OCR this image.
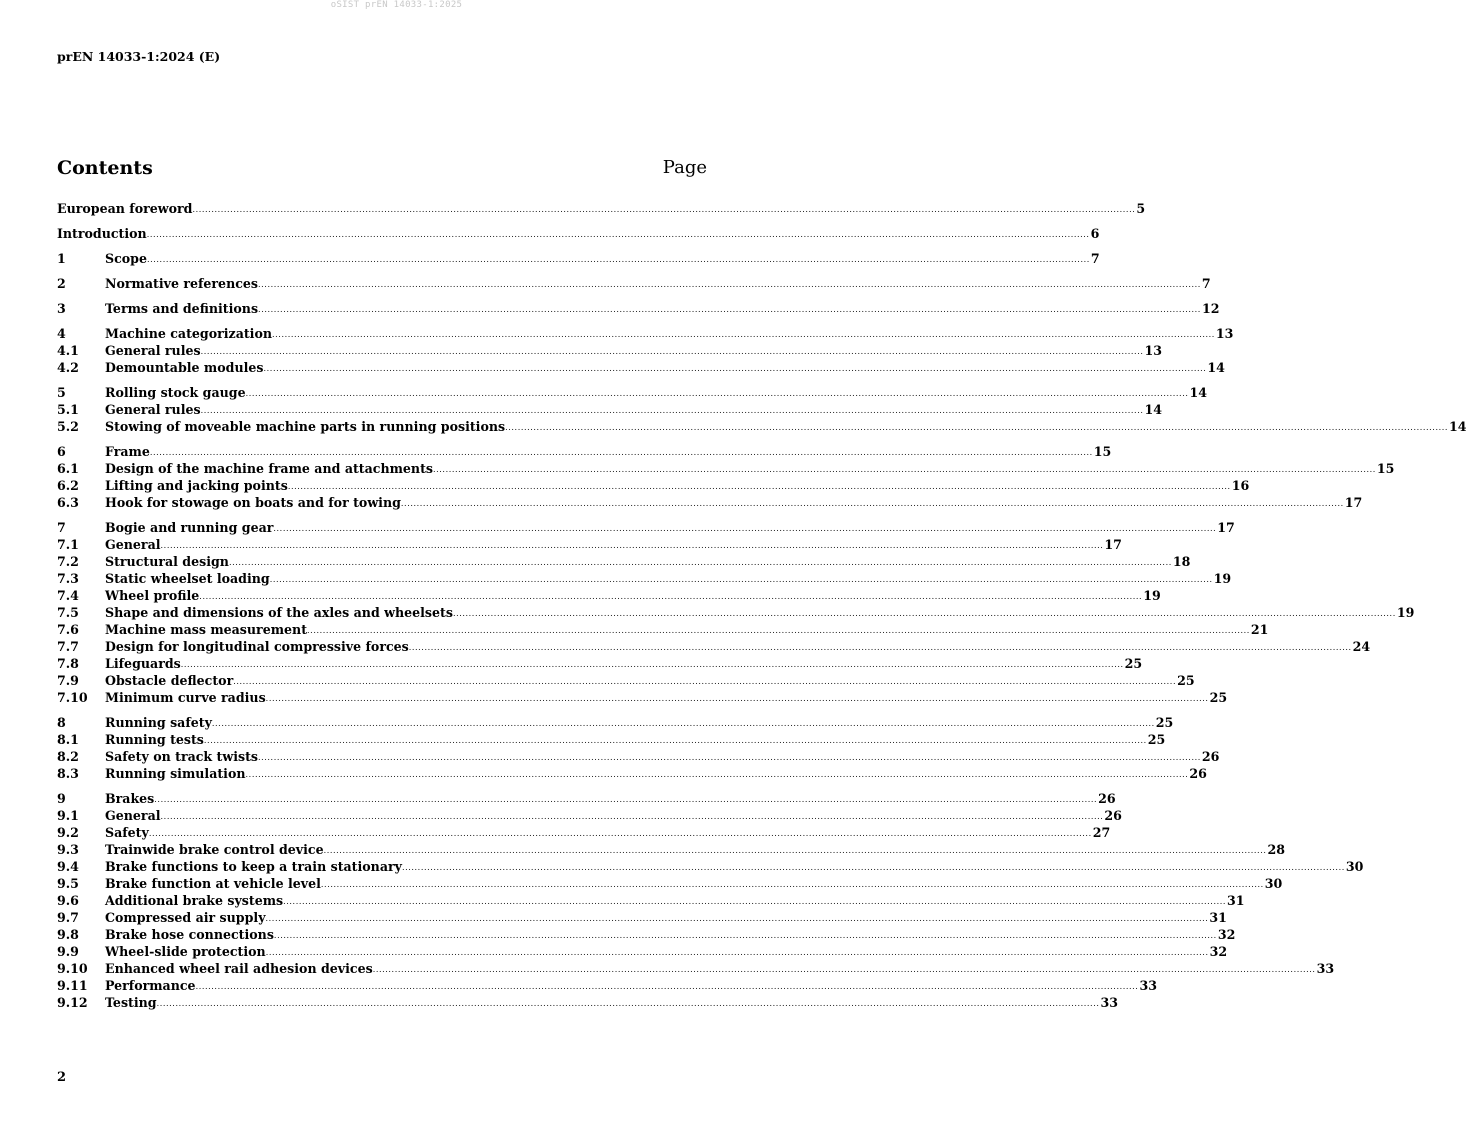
oSIST prEN 14033-1:2025
prEN 14033-1:2024 (E)
Contents	Page
European foreword ............................................................................................................................................................................................................................................................................................................ 5
Introduction ............................................................................................................................................................................................................................................................................................................ 6
1	Scope ............................................................................................................................................................................................................................................................................................................ 7
2	Normative references ............................................................................................................................................................................................................................................................................................................ 7
3	Terms and definitions ............................................................................................................................................................................................................................................................................................................ 12
4	Machine categorization ............................................................................................................................................................................................................................................................................................................ 13
4.1	General rules ............................................................................................................................................................................................................................................................................................................ 13
4.2	Demountable modules ............................................................................................................................................................................................................................................................................................................ 14
5	Rolling stock gauge ............................................................................................................................................................................................................................................................................................................ 14
5.1	General rules ............................................................................................................................................................................................................................................................................................................ 14
5.2	Stowing of moveable machine parts in running positions ............................................................................................................................................................................................................................................................................................................ 14
6	Frame ............................................................................................................................................................................................................................................................................................................ 15
6.1	Design of the machine frame and attachments ............................................................................................................................................................................................................................................................................................................ 15
6.2	Lifting and jacking points ............................................................................................................................................................................................................................................................................................................ 16
6.3	Hook for stowage on boats and for towing ............................................................................................................................................................................................................................................................................................................ 17
7	Bogie and running gear ............................................................................................................................................................................................................................................................................................................ 17
7.1	General ............................................................................................................................................................................................................................................................................................................ 17
7.2	Structural design ............................................................................................................................................................................................................................................................................................................ 18
7.3	Static wheelset loading ............................................................................................................................................................................................................................................................................................................ 19
7.4	Wheel profile ............................................................................................................................................................................................................................................................................................................ 19
7.5	Shape and dimensions of the axles and wheelsets ............................................................................................................................................................................................................................................................................................................ 19
7.6	Machine mass measurement ............................................................................................................................................................................................................................................................................................................ 21
7.7	Design for longitudinal compressive forces ............................................................................................................................................................................................................................................................................................................ 24
7.8	Lifeguards ............................................................................................................................................................................................................................................................................................................ 25
7.9	Obstacle deflector ............................................................................................................................................................................................................................................................................................................ 25
7.10	Minimum curve radius ............................................................................................................................................................................................................................................................................................................ 25
8	Running safety ............................................................................................................................................................................................................................................................................................................ 25
8.1	Running tests ............................................................................................................................................................................................................................................................................................................ 25
8.2	Safety on track twists ............................................................................................................................................................................................................................................................................................................ 26
8.3	Running simulation ............................................................................................................................................................................................................................................................................................................ 26
9	Brakes ............................................................................................................................................................................................................................................................................................................ 26
9.1	General ............................................................................................................................................................................................................................................................................................................ 26
9.2	Safety ............................................................................................................................................................................................................................................................................................................ 27
9.3	Trainwide brake control device ............................................................................................................................................................................................................................................................................................................ 28
9.4	Brake functions to keep a train stationary ............................................................................................................................................................................................................................................................................................................ 30
9.5	Brake function at vehicle level ............................................................................................................................................................................................................................................................................................................ 30
9.6	Additional brake systems ............................................................................................................................................................................................................................................................................................................ 31
9.7	Compressed air supply ............................................................................................................................................................................................................................................................................................................ 31
9.8	Brake hose connections ............................................................................................................................................................................................................................................................................................................ 32
9.9	Wheel-slide protection ............................................................................................................................................................................................................................................................................................................ 32
9.10	Enhanced wheel rail adhesion devices ............................................................................................................................................................................................................................................................................................................ 33
9.11	Performance ............................................................................................................................................................................................................................................................................................................ 33
9.12	Testing ............................................................................................................................................................................................................................................................................................................ 33
2
